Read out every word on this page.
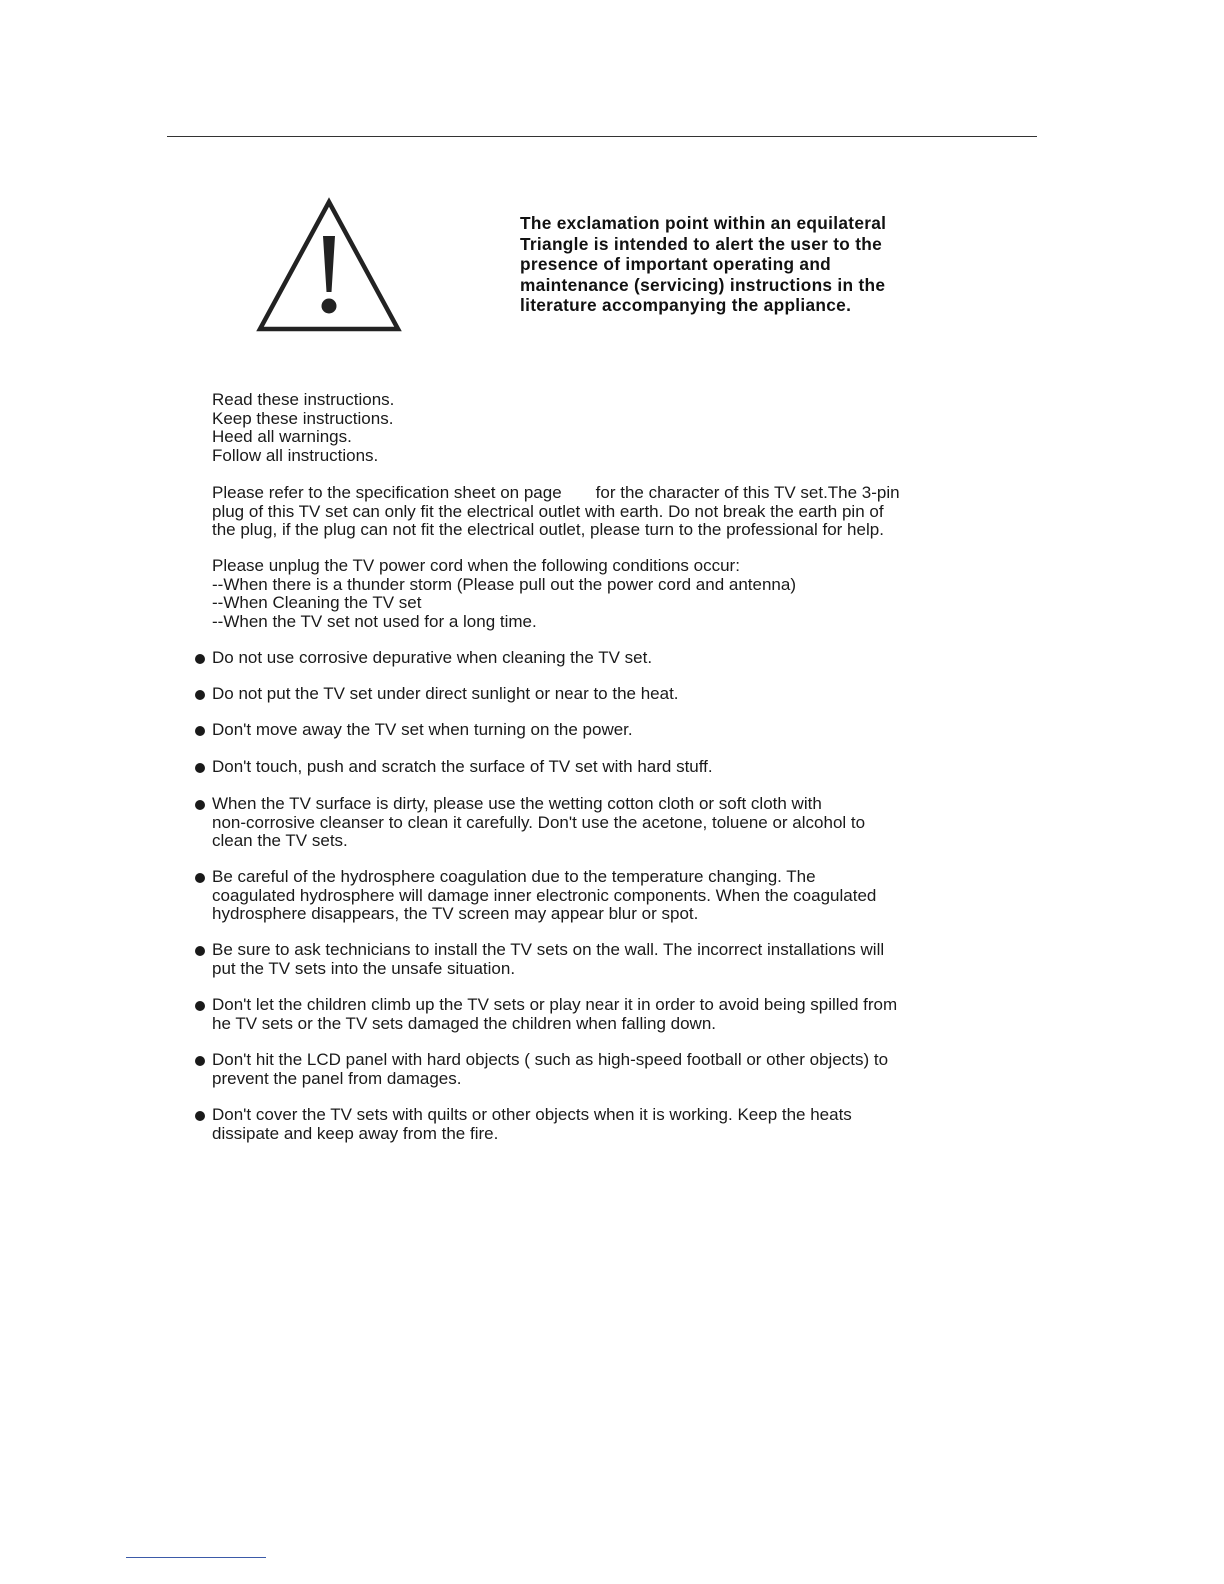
The exclamation point within an equilateral
Triangle is intended to alert the user to the
presence of important operating and
maintenance (servicing) instructions in the
literature accompanying the appliance.
Read these instructions.
Keep these instructions.
Heed all warnings.
Follow all instructions.
Please refer to the specification sheet on page for the character of this TV set.The 3-pin
plug of this TV set can only fit the electrical outlet with earth. Do not break the earth pin of
the plug, if the plug can not fit the electrical outlet, please turn to the professional for help.
Please unplug the TV power cord when the following conditions occur:
--When there is a thunder storm (Please pull out the power cord and antenna)
--When Cleaning the TV set
--When the TV set not used for a long time.
Do not use corrosive depurative when cleaning the TV set.
Do not put the TV set under direct sunlight or near to the heat.
Don't move away the TV set when turning on the power.
Don't touch, push and scratch the surface of TV set with hard stuff.
When the TV surface is dirty, please use the wetting cotton cloth or soft cloth with
non-corrosive cleanser to clean it carefully. Don't use the acetone, toluene or alcohol to
clean the TV sets.
Be careful of the hydrosphere coagulation due to the temperature changing. The
coagulated hydrosphere will damage inner electronic components. When the coagulated
hydrosphere disappears, the TV screen may appear blur or spot.
Be sure to ask technicians to install the TV sets on the wall. The incorrect installations will
put the TV sets into the unsafe situation.
Don't let the children climb up the TV sets or play near it in order to avoid being spilled from
he TV sets or the TV sets damaged the children when falling down.
Don't hit the LCD panel with hard objects ( such as high-speed football or other objects) to
prevent the panel from damages.
Don't cover the TV sets with quilts or other objects when it is working. Keep the heats
dissipate and keep away from the fire.
